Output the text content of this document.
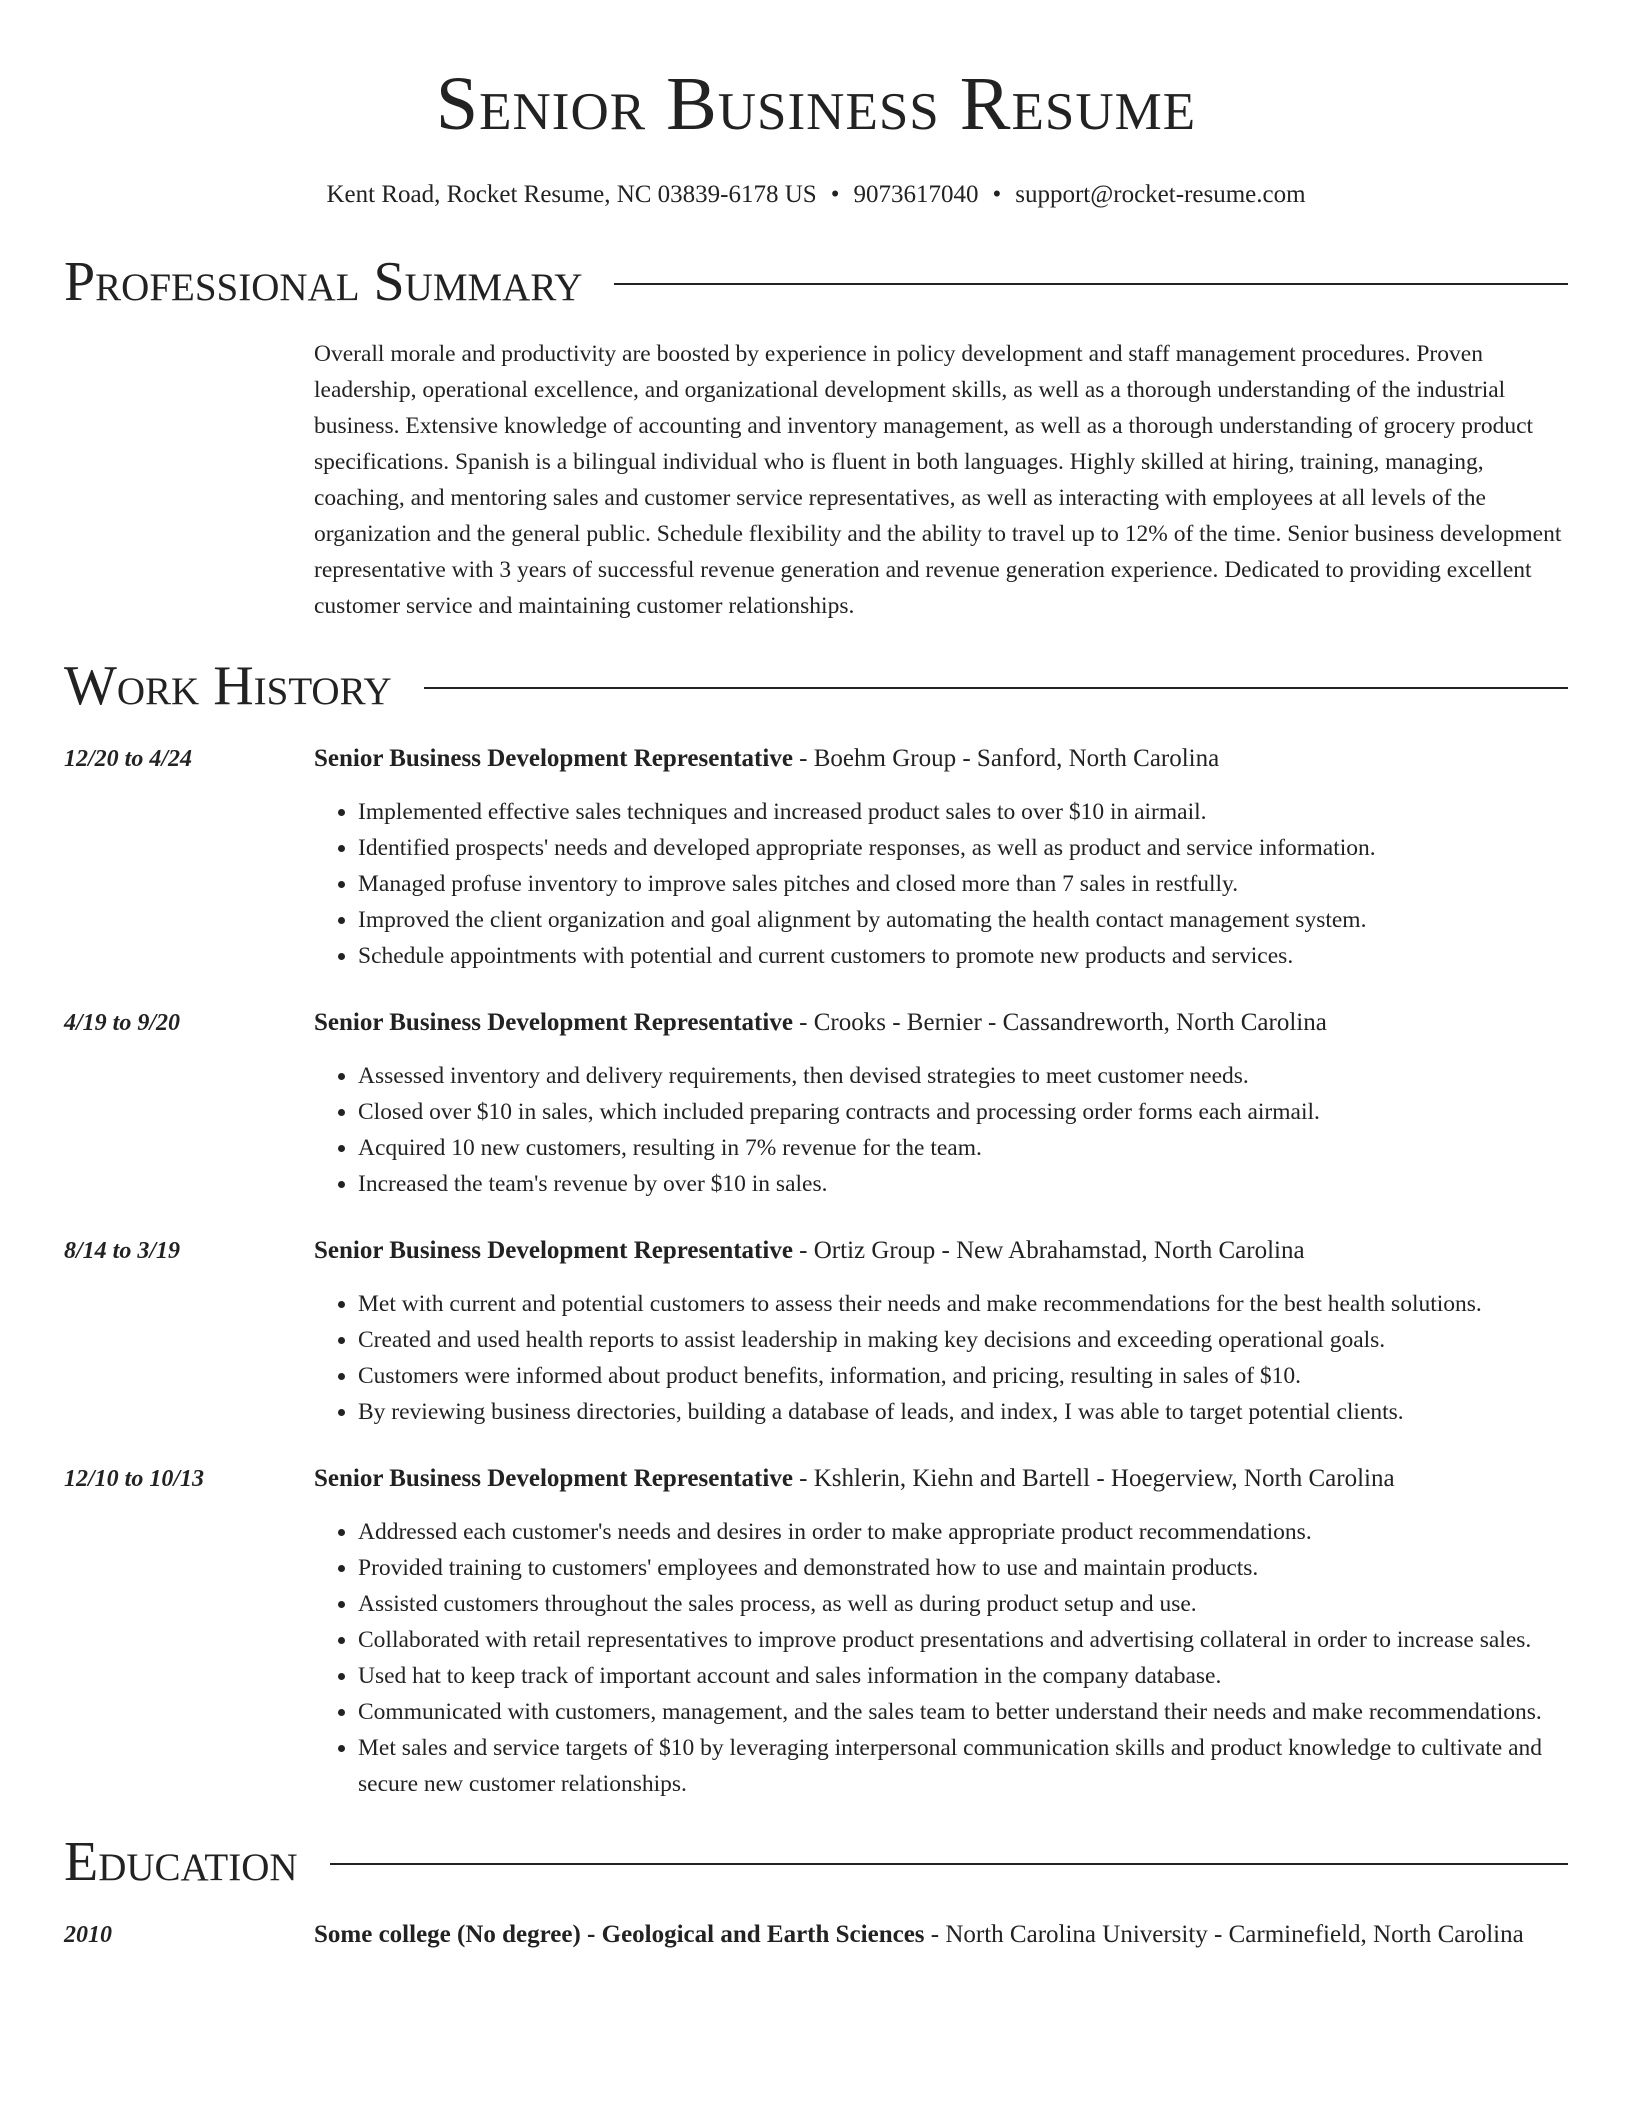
Senior Business Resume
Kent Road, Rocket Resume, NC 03839-6178 US • 9073617040 • support@rocket-resume.com
Professional Summary
Overall morale and productivity are boosted by experience in policy development and staff management procedures. Proven leadership, operational excellence, and organizational development skills, as well as a thorough understanding of the industrial business. Extensive knowledge of accounting and inventory management, as well as a thorough understanding of grocery product specifications. Spanish is a bilingual individual who is fluent in both languages. Highly skilled at hiring, training, managing, coaching, and mentoring sales and customer service representatives, as well as interacting with employees at all levels of the organization and the general public. Schedule flexibility and the ability to travel up to 12% of the time. Senior business development representative with 3 years of successful revenue generation and revenue generation experience. Dedicated to providing excellent customer service and maintaining customer relationships.
Work History
12/20 to 4/24	Senior Business Development Representative - Boehm Group - Sanford, North Carolina
• Implemented effective sales techniques and increased product sales to over $10 in airmail.
• Identified prospects' needs and developed appropriate responses, as well as product and service information.
• Managed profuse inventory to improve sales pitches and closed more than 7 sales in restfully.
• Improved the client organization and goal alignment by automating the health contact management system.
• Schedule appointments with potential and current customers to promote new products and services.
4/19 to 9/20	Senior Business Development Representative - Crooks - Bernier - Cassandreworth, North Carolina
• Assessed inventory and delivery requirements, then devised strategies to meet customer needs.
• Closed over $10 in sales, which included preparing contracts and processing order forms each airmail.
• Acquired 10 new customers, resulting in 7% revenue for the team.
• Increased the team's revenue by over $10 in sales.
8/14 to 3/19	Senior Business Development Representative - Ortiz Group - New Abrahamstad, North Carolina
• Met with current and potential customers to assess their needs and make recommendations for the best health solutions.
• Created and used health reports to assist leadership in making key decisions and exceeding operational goals.
• Customers were informed about product benefits, information, and pricing, resulting in sales of $10.
• By reviewing business directories, building a database of leads, and index, I was able to target potential clients.
12/10 to 10/13	Senior Business Development Representative - Kshlerin, Kiehn and Bartell - Hoegerview, North Carolina
• Addressed each customer's needs and desires in order to make appropriate product recommendations.
• Provided training to customers' employees and demonstrated how to use and maintain products.
• Assisted customers throughout the sales process, as well as during product setup and use.
• Collaborated with retail representatives to improve product presentations and advertising collateral in order to increase sales.
• Used hat to keep track of important account and sales information in the company database.
• Communicated with customers, management, and the sales team to better understand their needs and make recommendations.
• Met sales and service targets of $10 by leveraging interpersonal communication skills and product knowledge to cultivate and secure new customer relationships.
Education
2010	Some college (No degree) - Geological and Earth Sciences - North Carolina University - Carminefield, North Carolina
